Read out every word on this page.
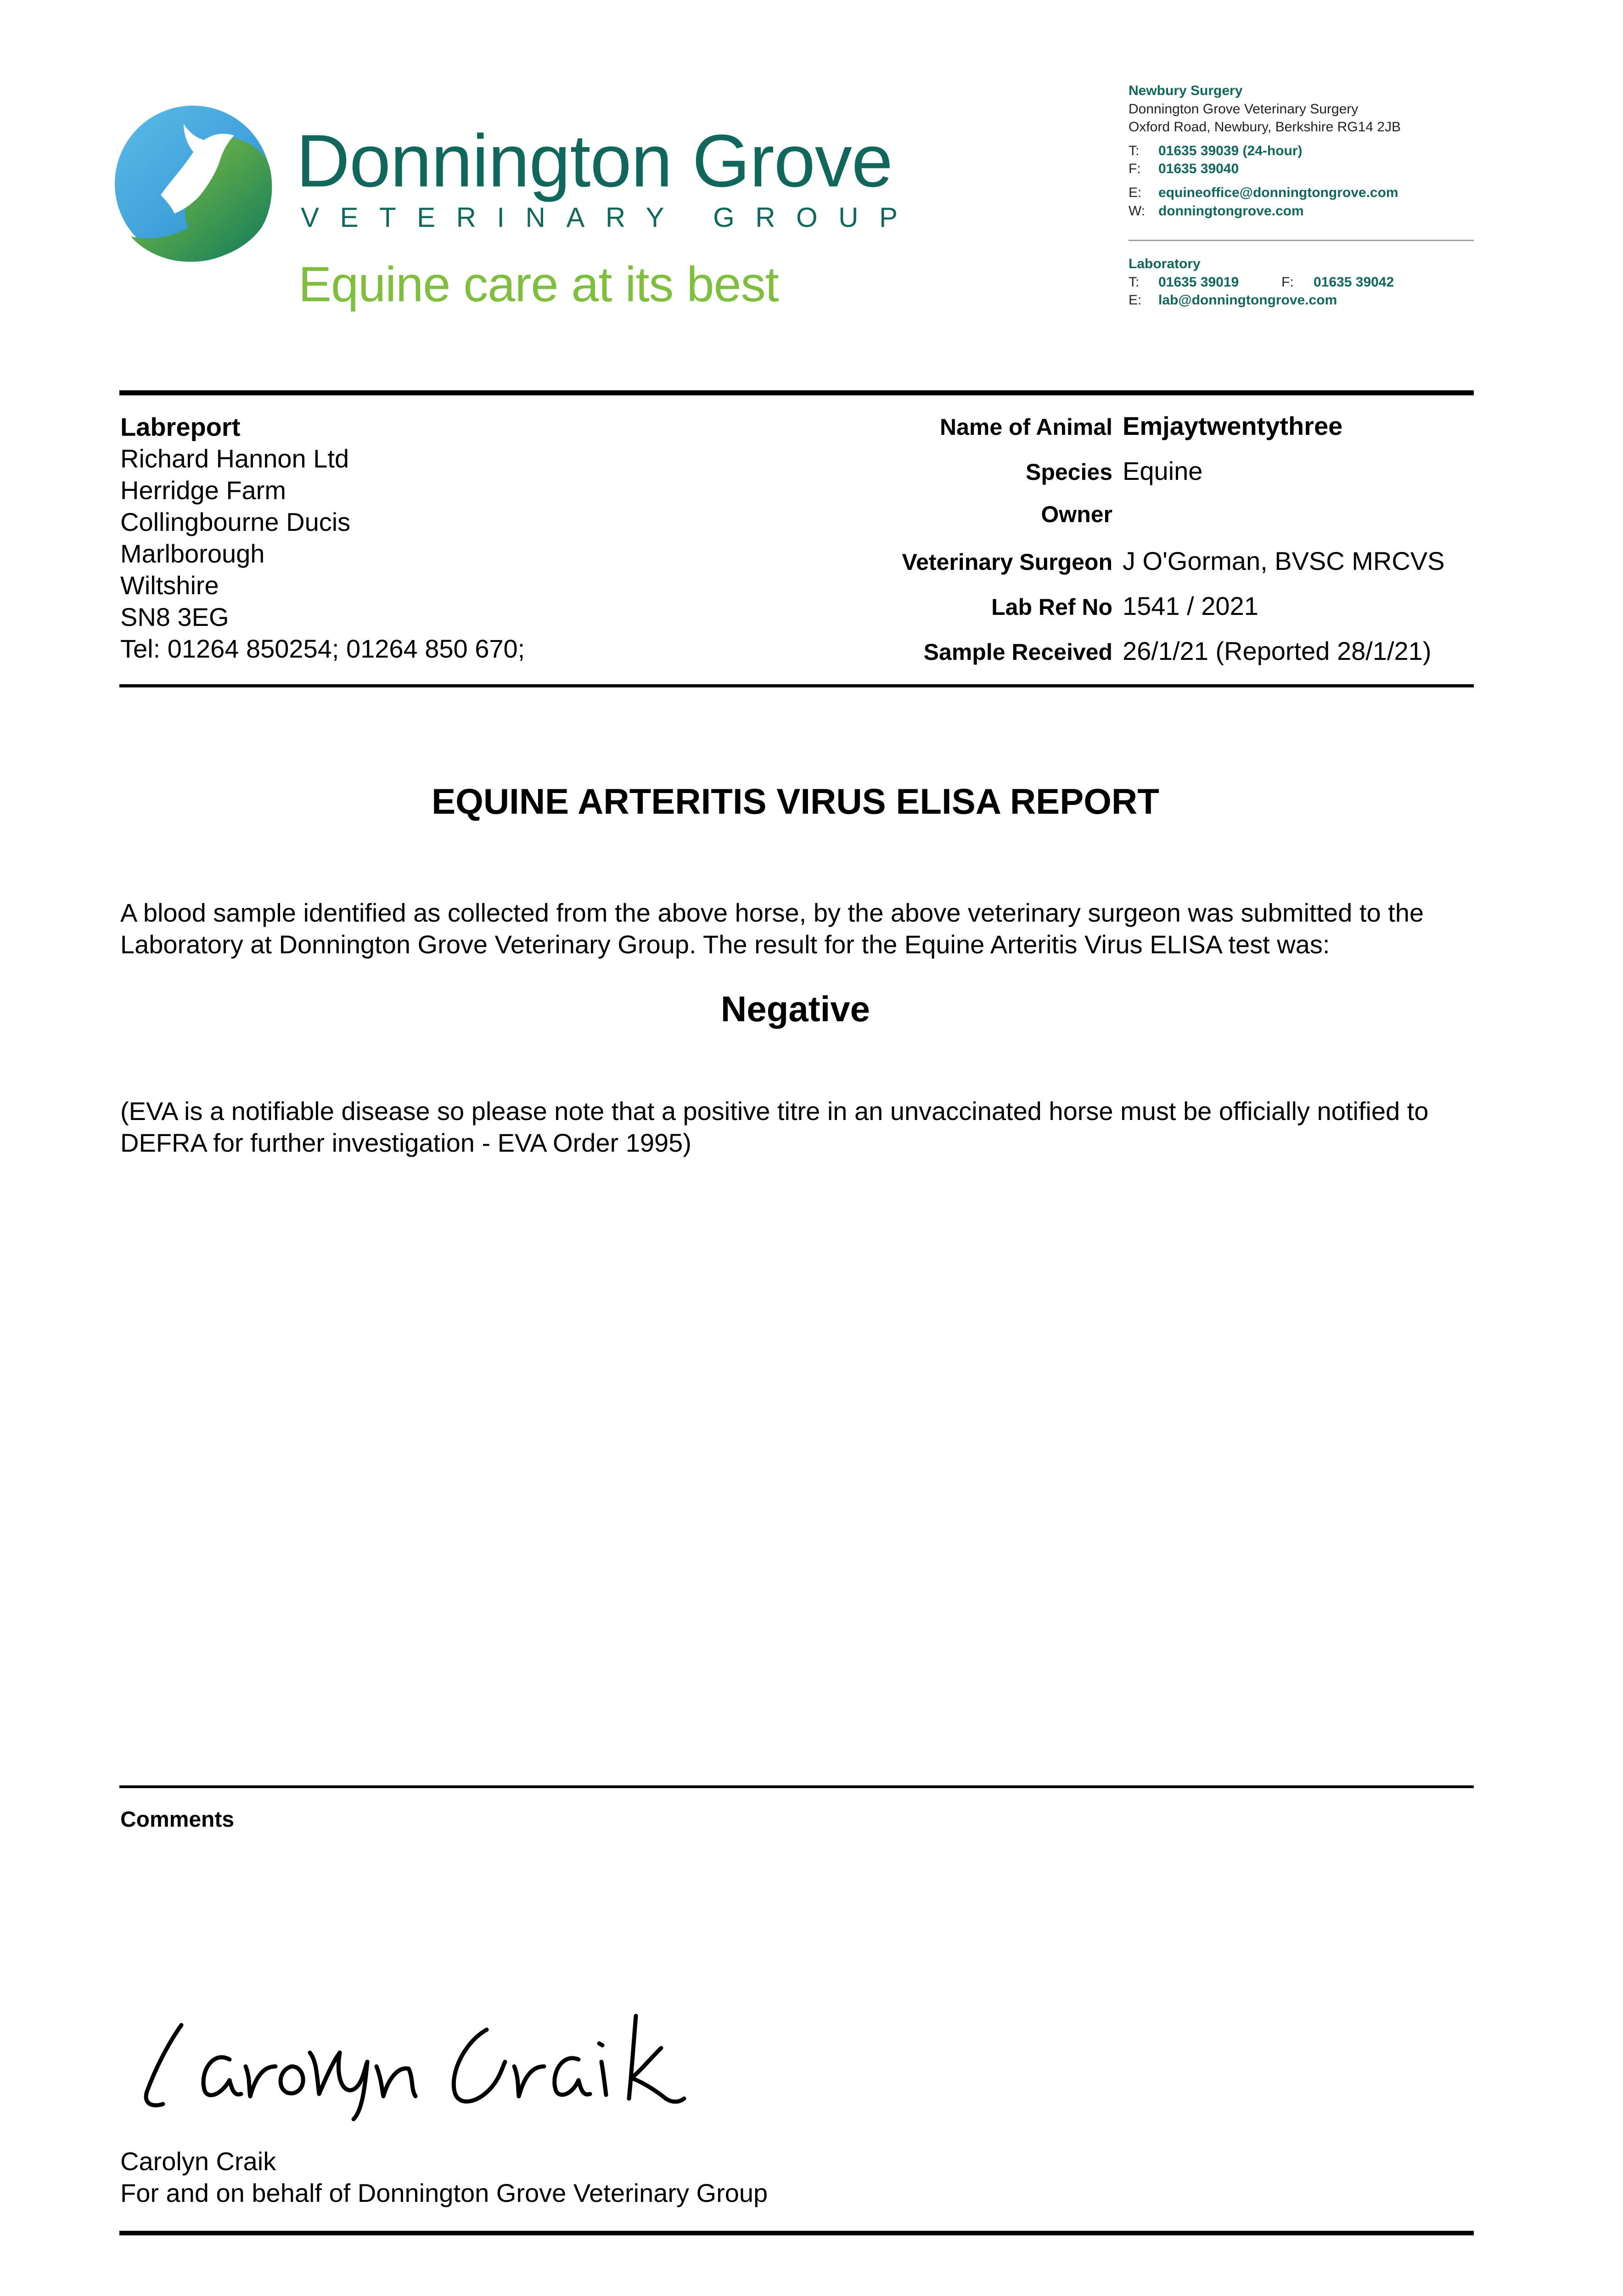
Donnington Grove
VETERINARY GROUP
Equine care at its best
Newbury Surgery
Donnington Grove Veterinary Surgery
Oxford Road, Newbury, Berkshire RG14 2JB
T: 01635 39039 (24-hour)
F: 01635 39040
E: equineoffice@donningtongrove.com
W: donningtongrove.com
Laboratory
T: 01635 39019	F: 01635 39042
E: lab@donningtongrove.com
Labreport
Richard Hannon Ltd
Herridge Farm
Collingbourne Ducis
Marlborough
Wiltshire
SN8 3EG
Tel: 01264 850254; 01264 850 670;
Name of Animal Emjaytwentythree
Species Equine
Owner
Veterinary Surgeon J O'Gorman, BVSC MRCVS
Lab Ref No 1541 / 2021
Sample Received 26/1/21 (Reported 28/1/21)
EQUINE ARTERITIS VIRUS ELISA REPORT
A blood sample identified as collected from the above horse, by the above veterinary surgeon was submitted to the Laboratory at Donnington Grove Veterinary Group. The result for the Equine Arteritis Virus ELISA test was:
Negative
(EVA is a notifiable disease so please note that a positive titre in an unvaccinated horse must be officially notified to DEFRA for further investigation - EVA Order 1995)
Comments
Carolyn Craik
For and on behalf of Donnington Grove Veterinary Group
